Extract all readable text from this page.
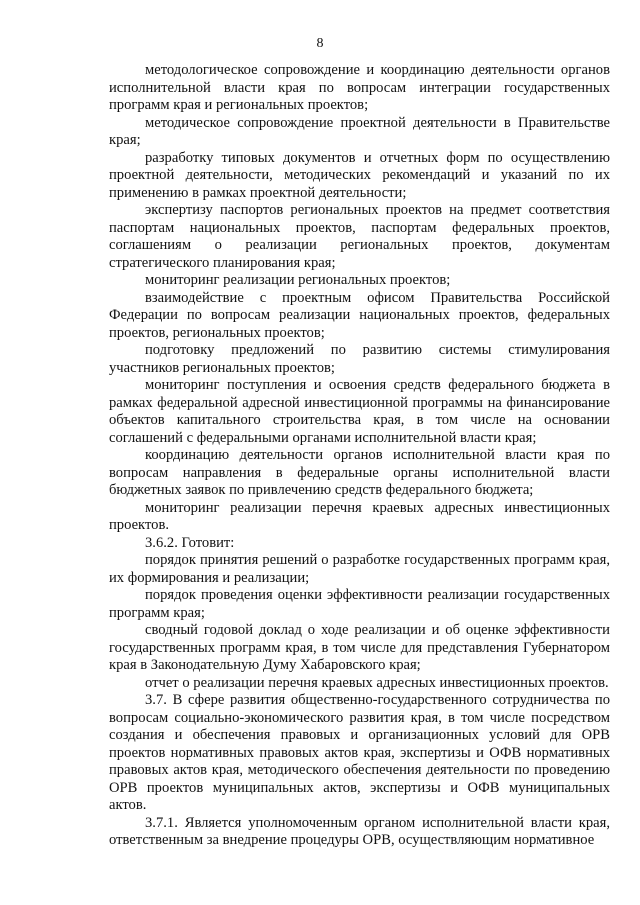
8

методологическое сопровождение и координацию деятельности органов исполнительной власти края по вопросам интеграции государственных программ края и региональных проектов;

методическое сопровождение проектной деятельности в Правительстве края;

разработку типовых документов и отчетных форм по осуществлению проектной деятельности, методических рекомендаций и указаний по их применению в рамках проектной деятельности;

экспертизу паспортов региональных проектов на предмет соответствия паспортам национальных проектов, паспортам федеральных проектов, соглашениям о реализации региональных проектов, документам стратегического планирования края;

мониторинг реализации региональных проектов;

взаимодействие с проектным офисом Правительства Российской Федерации по вопросам реализации национальных проектов, федеральных проектов, региональных проектов;

подготовку предложений по развитию системы стимулирования участников региональных проектов;

мониторинг поступления и освоения средств федерального бюджета в рамках федеральной адресной инвестиционной программы на финансирование объектов капитального строительства края, в том числе на основании соглашений с федеральными органами исполнительной власти края;

координацию деятельности органов исполнительной власти края по вопросам направления в федеральные органы исполнительной власти бюджетных заявок по привлечению средств федерального бюджета;

мониторинг реализации перечня краевых адресных инвестиционных проектов.

3.6.2. Готовит:

порядок принятия решений о разработке государственных программ края, их формирования и реализации;

порядок проведения оценки эффективности реализации государственных программ края;

сводный годовой доклад о ходе реализации и об оценке эффективности государственных программ края, в том числе для представления Губернатором края в Законодательную Думу Хабаровского края;

отчет о реализации перечня краевых адресных инвестиционных проектов.

3.7. В сфере развития общественно-государственного сотрудничества по вопросам социально-экономического развития края, в том числе посредством создания и обеспечения правовых и организационных условий для ОРВ проектов нормативных правовых актов края, экспертизы и ОФВ нормативных правовых актов края, методического обеспечения деятельности по проведению ОРВ проектов муниципальных актов, экспертизы и ОФВ муниципальных актов.

3.7.1. Является уполномоченным органом исполнительной власти края, ответственным за внедрение процедуры ОРВ, осуществляющим нормативное
